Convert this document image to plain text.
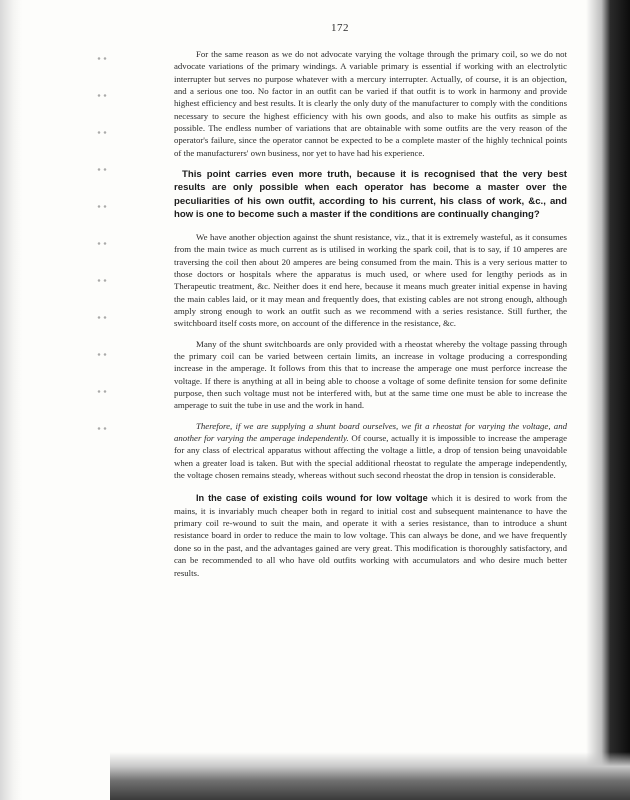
172

For the same reason as we do not advocate varying the voltage through the primary coil, so we do not advocate variations of the primary windings. A variable primary is essential if working with an electrolytic interrupter but serves no purpose whatever with a mercury interrupter. Actually, of course, it is an objection, and a serious one too. No factor in an outfit can be varied if that outfit is to work in harmony and provide highest efficiency and best results. It is clearly the only duty of the manufacturer to comply with the conditions necessary to secure the highest efficiency with his own goods, and also to make his outfits as simple as possible. The endless number of variations that are obtainable with some outfits are the very reason of the operator's failure, since the operator cannot be expected to be a complete master of the highly technical points of the manufacturers' own business, nor yet to have had his experience.

This point carries even more truth, because it is recognised that the very best results are only possible when each operator has become a master over the peculiarities of his own outfit, according to his current, his class of work, &c., and how is one to become such a master if the conditions are continually changing?

We have another objection against the shunt resistance, viz., that it is extremely wasteful, as it consumes from the main twice as much current as is utilised in working the spark coil, that is to say, if 10 amperes are traversing the coil then about 20 amperes are being consumed from the main. This is a very serious matter to those doctors or hospitals where the apparatus is much used, or where used for lengthy periods as in Therapeutic treatment, &c. Neither does it end here, because it means much greater initial expense in having the main cables laid, or it may mean and frequently does, that existing cables are not strong enough, although amply strong enough to work an outfit such as we recommend with a series resistance. Still further, the switchboard itself costs more, on account of the difference in the resistance, &c.

Many of the shunt switchboards are only provided with a rheostat whereby the voltage passing through the primary coil can be varied between certain limits, an increase in voltage producing a corresponding increase in the amperage. It follows from this that to increase the amperage one must perforce increase the voltage. If there is anything at all in being able to choose a voltage of some definite tension for some definite purpose, then such voltage must not be interfered with, but at the same time one must be able to increase the amperage to suit the tube in use and the work in hand.

Therefore, if we are supplying a shunt board ourselves, we fit a rheostat for varying the voltage, and another for varying the amperage independently. Of course, actually it is impossible to increase the amperage for any class of electrical apparatus without affecting the voltage a little, a drop of tension being unavoidable when a greater load is taken. But with the special additional rheostat to regulate the amperage independently, the voltage chosen remains steady, whereas without such second rheostat the drop in tension is considerable.

In the case of existing coils wound for low voltage which it is desired to work from the mains, it is invariably much cheaper both in regard to initial cost and subsequent maintenance to have the primary coil re-wound to suit the main, and operate it with a series resistance, than to introduce a shunt resistance board in order to reduce the main to low voltage. This can always be done, and we have frequently done so in the past, and the advantages gained are very great. This modification is thoroughly satisfactory, and can be recommended to all who have old outfits working with accumulators and who desire much better results.
